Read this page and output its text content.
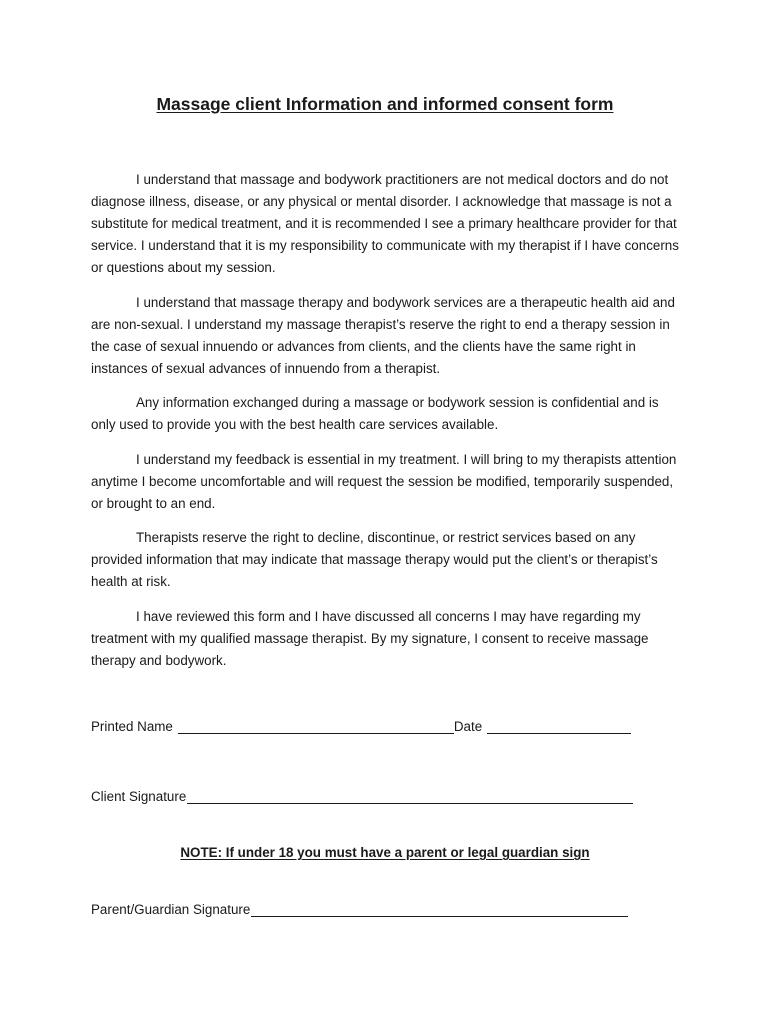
Massage client Information and informed consent form

I understand that massage and bodywork practitioners are not medical doctors and do not diagnose illness, disease, or any physical or mental disorder. I acknowledge that massage is not a substitute for medical treatment, and it is recommended I see a primary healthcare provider for that service. I understand that it is my responsibility to communicate with my therapist if I have concerns or questions about my session.

I understand that massage therapy and bodywork services are a therapeutic health aid and are non-sexual. I understand my massage therapist’s reserve the right to end a therapy session in the case of sexual innuendo or advances from clients, and the clients have the same right in instances of sexual advances of innuendo from a therapist.

Any information exchanged during a massage or bodywork session is confidential and is only used to provide you with the best health care services available.

I understand my feedback is essential in my treatment. I will bring to my therapists attention anytime I become uncomfortable and will request the session be modified, temporarily suspended, or brought to an end.

Therapists reserve the right to decline, discontinue, or restrict services based on any provided information that may indicate that massage therapy would put the client’s or therapist’s health at risk.

I have reviewed this form and I have discussed all concerns I may have regarding my treatment with my qualified massage therapist. By my signature, I consent to receive massage therapy and bodywork.

Printed Name	Date
Client Signature
NOTE: If under 18 you must have a parent or legal guardian sign
Parent/Guardian Signature
